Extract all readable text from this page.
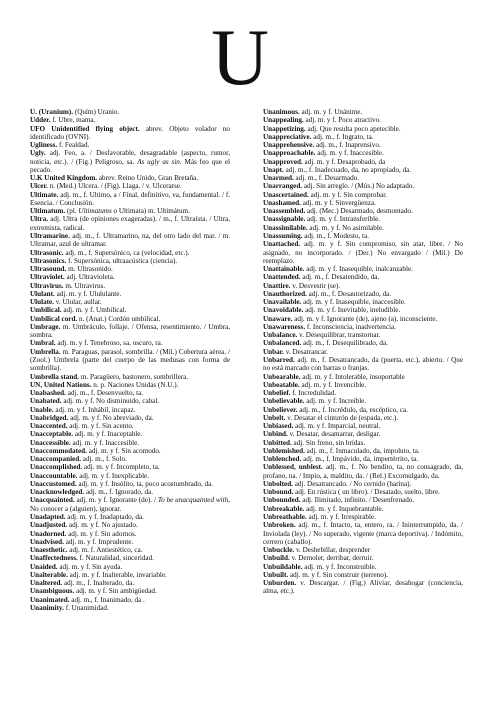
U

U. (Uranium). (Quím) Uranio.

Udder. f. Ubre, mama.

UFO Unidentified flying object. abrev. Objeto volador no identificado (OVNI).

Ugliness. f. Fealdad.

Ugly. adj. Feo, a. / Desfavorable, desagradable (aspecto, rumor, noticia, etc.). / (Fig.) Peligroso, sa. As ugly as sin. Más feo que el pecado.

U.K United Kingdom. abrev. Reino Unido, Gran Bretaña.

Ulcer. n. (Med.) Ulcera. / (Fig). Llaga. / v. Ulcerarse.

Ultimate. adj. m., f. Ultimo, a / Final, definitivo, va, fundamental. / f. Esencia. / Conclusión.

Ultimatum. (pl. Ultimatums o Ultimata) m. Ultimátum.

Ultra. adj. Ultra (de opiniones exageradas). / m., f. Ultraísta. / Ultra, extremista, radical.

Ultramarine. adj. m., f. Ultramarino, na, del otro lado del mar. / m. Ultramar, azul de ultramar.

Ultrasonic. adj. m., f. Supersónico, ca (velocidad, etc.).

Ultrasonics. f. Supersónica, ultraacústica (ciencia).

Ultrasound. m. Ultrasonido.

Ultraviolet. adj. Ultravioleta.

Ultravirus. m. Ultravirus.

Ululant. adj. m. y f. Ulululante.

Ululate. v. Ulular, aullar.

Umbilical. adj. m. y f. Umbilical.

Umbilical cord. n. (Anat.) Cordón umbilical.

Umbrage. m. Umbráculo, follaje. / Ofensa, resentimiento. / Umbra, sombra.

Umbral. adj. m. y f. Tenebroso, sa, oscuro, ra.

Umbrella. m. Paraguas, parasol, sombrilla. / (Mil.) Cobertura aérea. / (Zool.) Umbrela (parte del cuerpo de las medusas con forma de sombrilla).

Umbrella stand. m. Paragüero, bastonero, sombrillera.

UN, United Nations. n. p. Naciones Unidas (N.U.).

Unabashed. adj. m., f. Desenvuelto, ta.

Unabated. adj. m. y f. No disminuido, cabal.

Unable. adj. m. y f. Inhábil, incapaz.

Unabridged. adj. m. y f. No abreviado, da.

Unaccented. adj. m. y f. Sin acento.

Unacceptable. adj. m. y f. Inaceptable.

Unaccessible. adj. m. y f. Inaccesible.

Unaccommodated. adj. m. y f. Sin acomodo.

Unaccompanied. adj. m., f. Solo.

Unaccomplished. adj. m. y f. Incompleto, ta.

Unaccountable. adj. m. y f. Inexplicable.

Unaccustomed. adj. m. y f. Insólito, ta, poco acostumbrado, da.

Unacknowledged. adj. m., f. Ignorado, da.

Unacquainted. adj. m. y f. Ignorante (de). / To be unacquainted with, No conocer a (alguien), ignorar.

Unadapted. adj. m. y f. Inadaptado, da.

Unadjusted. adj. m. y f. No ajustado.

Unadorned. adj. m. y f. Sin adornos.

Unadvised. adj. m. y f. Imprudente.

Unaesthetic. adj. m. f. Antiestético, ca.

Unaffectedness. f. Naturalidad, sinceridad.

Unaided. adj. m. y f. Sin ayuda.

Unalterable. adj. m. y f. Inalterable, invariable.

Unaltered. adj. m., f. Inalterado, da.

Unambiguous. adj. m. y f. Sin ambigüedad.

Unanimated. adj. m., f. Inanimado, da .

Unanimity. f. Unanimidad.

Unanimous. adj. m. y f. Unánime.

Unappealing. adj. m. y f. Poco atractivo.

Unappetizing. adj. Que resulta poco apetecible.

Unappreciative. adj. m., f. Ingrato, ta.

Unapprehensive. adj. m., f. Inaprensivo.

Unapproachable. adj. m. y f. Inaccesible.

Unapproved. adj. m. y f. Desaprobado, da

Unapt. adj. m., f. Inadecuado, da, no apropiado, da.

Unarmed. adj. m., f. Desarmado.

Unarranged. adj. Sin arreglo. / (Mús.) No adaptado.

Unascertained. adj. m. y f. Sin comprobar.

Unashamed. adj. m. y f. Sinvergüenza.

Unassembled. adj. (Mec.) Desarmado, desmontado.

Unassignable. adj. m. y f. Intransferible.

Unassimilable. adj. m. y f. No asimilable.

Unassuming. adj. m., f. Modesto, ta.

Unattached. adj. m. y f. Sin compromiso, sin atar, libre. / No asignado, no incorporado. / (Der.) No envargado / (Mil.) De reemplazo.

Unattainable. adj. m. y f. Inasequible, inalcanzable.

Unattended. adj. m., f. Desatendido, da.

Unattire. v. Desvestir (se).

Unauthorized. adj. m., f. Desautorizado, da.

Unavailable. adj. m. y f. Inasequible, inaccesible.

Unavoidable. adj. m. y f. Inevitable, ineludible.

Unaware. adj. m. y f. Ignorante (de), ajeno (a), inconsciente.

Unawareness. f. Inconsciencia, inadvertencia.

Unbalance. v. Desequilibrar, transtornar.

Unbalanced. adj. m., f. Desequilibrado, da.

Unbar. v. Desatrancar.

Unbarred. adj. m., f. Desatrancado, da (puerta, etc.), abierto. / Que no está marcado con barras o franjas.

Unbearable. adj. m. y f. Intolerable, insoportable

Unbeatable. adj. m. y f. Invencible.

Unbelief. f. Incredulidad.

Unbelievable. adj. m. y f. Increíble.

Unbeliever. adj. m., f. Incrédulo, da, escéptico, ca.

Unbelt. v. Desatar el cinturón de (espada, etc.).

Unbiased. adj. m. y f. Imparcial, neutral.

Unbind. v. Desatar, desamarrar, desligar.

Unbitted. adj. Sin freno, sin bridas.

Unblemished. adj. m., f. Inmaculado, da, impoluto, ta.

Unblenched. adj. m., f. Impávido, da, impertérrito, ta.

Unblessed, unblest. adj. m., f. No bendito, ta, no consagrado, da, profano, na. / Impío, a, maldito, da. / (Rel.) Excomulgado, da.

Unbolted. adj. Desatrancado. / No cernido (harina).

Unbound. adj. En rústica ( un libro). / Desatado, suelto, libre.

Unbounded. adj. Ilimitado, infinito. / Desenfrenado.

Unbreakable. adj. m. y f. Inquebrantable.

Unbreathable. adj. m. y f. Irrespirable.

Unbroken. adj. m., f. Intacto, ta, entero, ra. / Ininterrumpido, da. / Inviolada (ley). / No superado, vigente (marca deportiva). / Indómito, cerrero (caballo).

Unbuckle. v. Deshebillar, desprender

Unbuild. v. Demoler, derribar, derruir.

Unbuildable. adj. m. y f. Inconstruible.

Unbuilt. adj. m. y f. Sin construir (terreno).

Unburden. v. Descargar. / (Fig.) Aliviar, desahogar (conciencia, alma, etc.).
